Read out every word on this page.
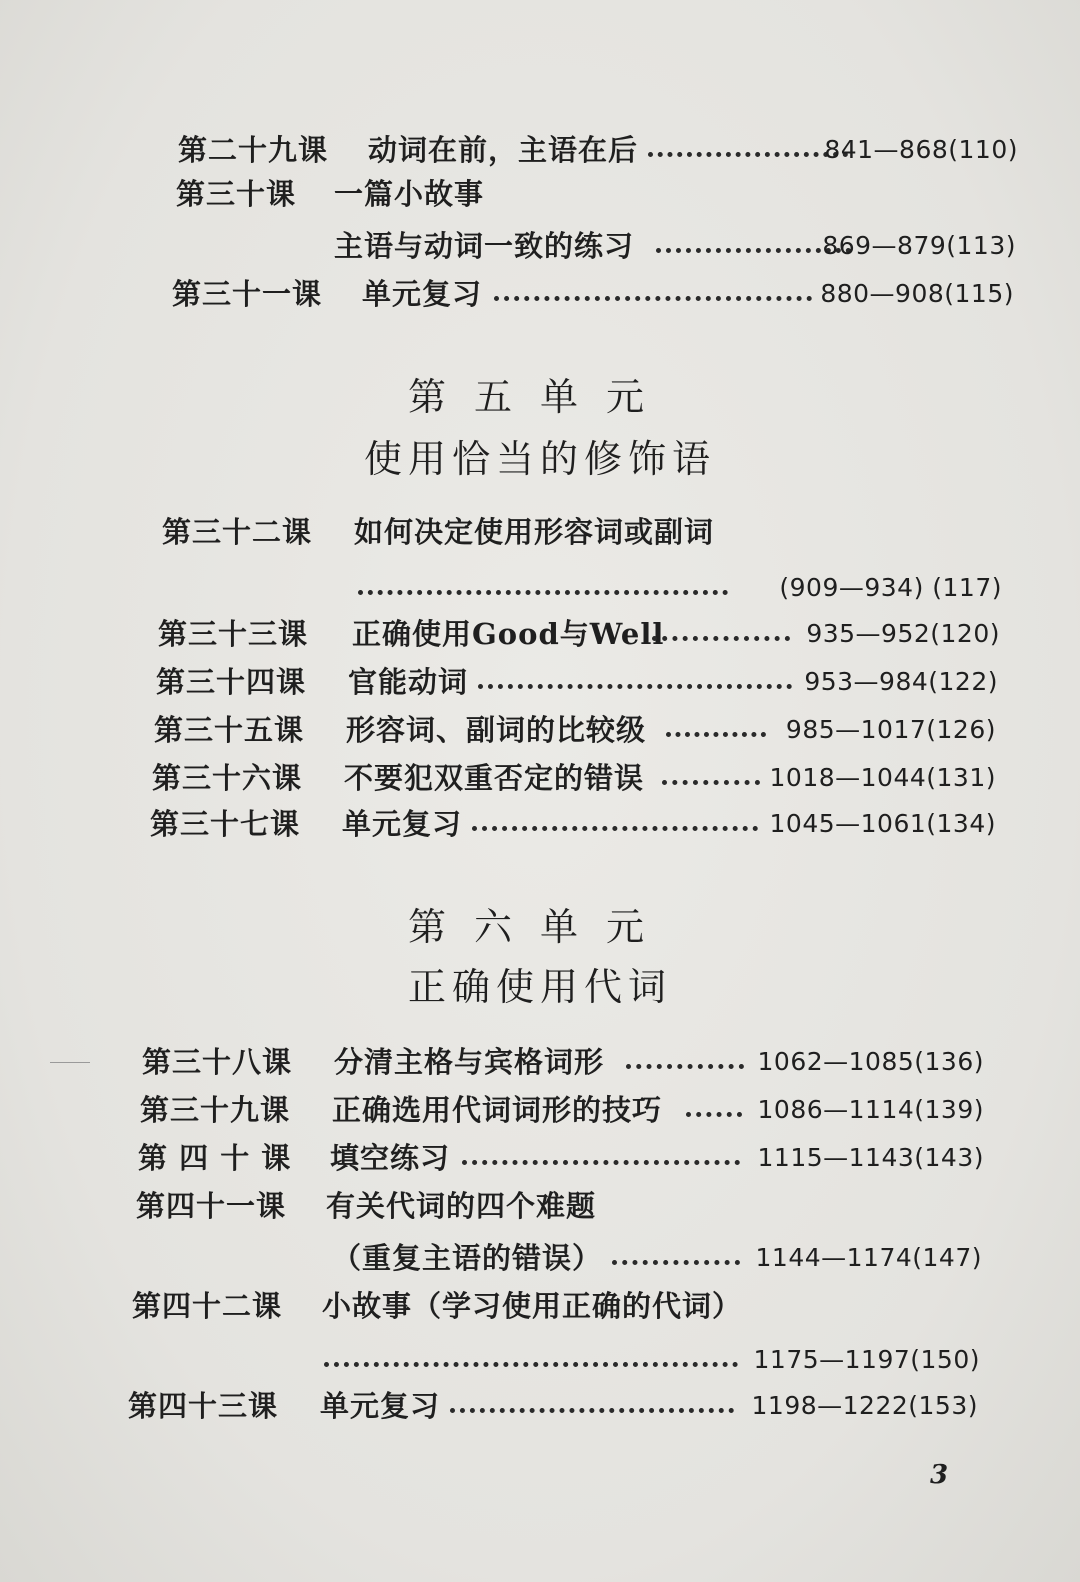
第二十九课 动词在前，主语在后	841—868(110)
第三十课 一篇小故事
主语与动词一致的练习	869—879(113)
第三十一课 单元复习	880—908(115)
第五单元
使用恰当的修饰语
第三十二课 如何决定使用形容词或副词
(909—934) (117)
第三十三课 正确使用Good与Well	935—952(120)
第三十四课 官能动词	953—984(122)
第三十五课 形容词、副词的比较级	985—1017(126)
第三十六课 不要犯双重否定的错误	1018—1044(131)
第三十七课 单元复习	1045—1061(134)
第六单元
正确使用代词
第三十八课 分清主格与宾格词形	1062—1085(136)
第三十九课 正确选用代词词形的技巧	1086—1114(139)
第 四 十 课 填空练习	1115—1143(143)
第四十一课 有关代词的四个难题
（重复主语的错误）	1144—1174(147)
第四十二课 小故事（学习使用正确的代词）
1175—1197(150)
第四十三课 单元复习	1198—1222(153)
3
